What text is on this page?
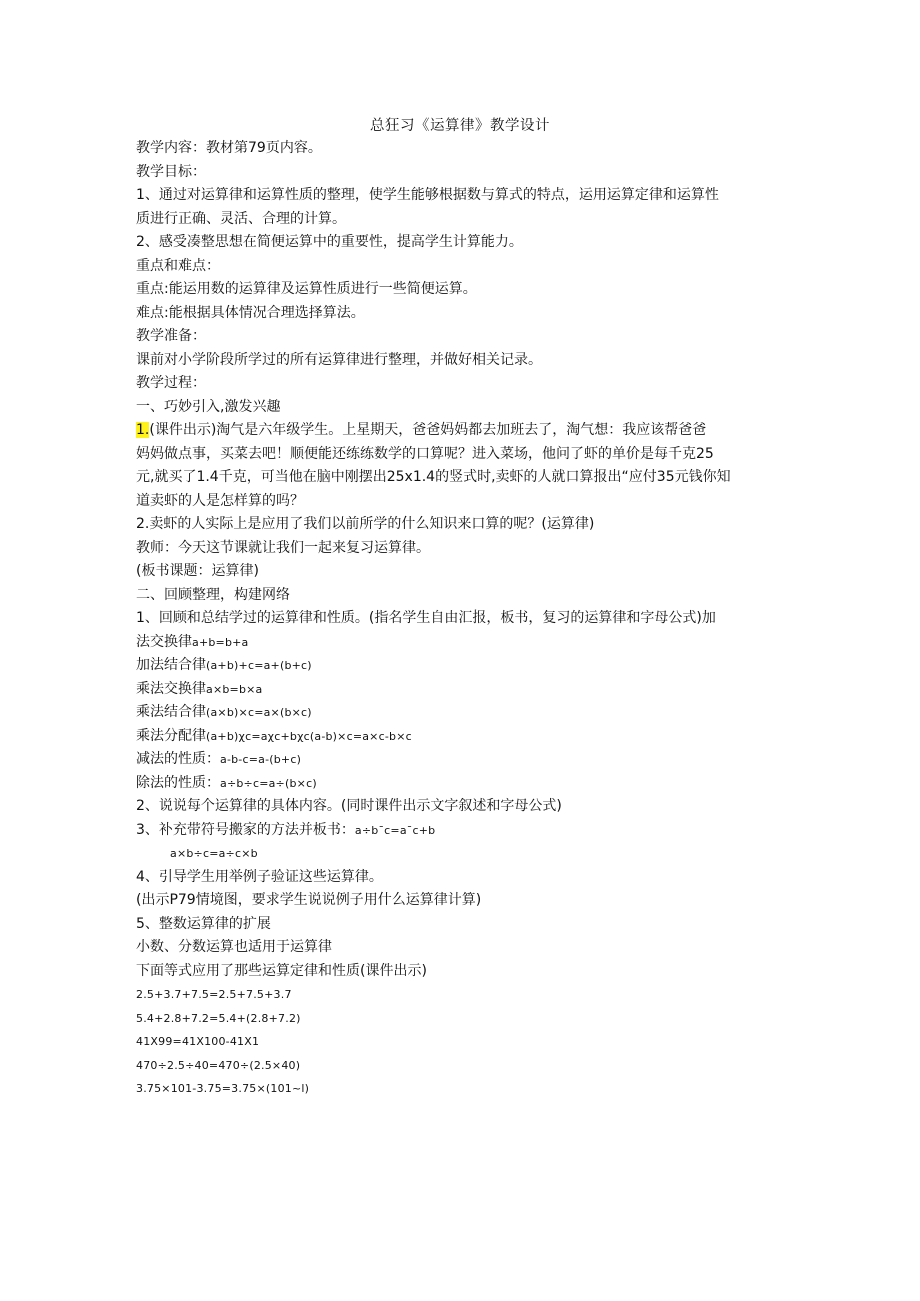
总狂习《运算律》教学设计
教学内容：教材第79页内容。
教学目标：
1、通过对运算律和运算性质的整理，使学生能够根据数与算式的特点，运用运算定律和运算性
质进行正确、灵活、合理的计算。
2、感受凑整思想在简便运算中的重要性，提高学生计算能力。
重点和难点：
重点:能运用数的运算律及运算性质进行一些简便运算。
难点:能根据具体情况合理选择算法。
教学准备：
课前对小学阶段所学过的所有运算律进行整理，并做好相关记录。
教学过程：
一、巧妙引入,激发兴趣
1.(课件出示)淘气是六年级学生。上星期天，爸爸妈妈都去加班去了，淘气想：我应该帮爸爸
妈妈做点事，买菜去吧！顺便能还练练数学的口算呢？进入菜场，他问了虾的单价是每千克25
元,就买了1.4千克，可当他在脑中刚摆出25x1.4的竖式时,卖虾的人就口算报出“应付35元钱你知
道卖虾的人是怎样算的吗？
2.卖虾的人实际上是应用了我们以前所学的什么知识来口算的呢？(运算律)
教师：今天这节课就让我们一起来复习运算律。
(板书课题：运算律)
二、回顾整理，构建网络
1、回顾和总结学过的运算律和性质。(指名学生自由汇报，板书，复习的运算律和字母公式)加
法交换律a+b=b+a
加法结合律(a+b)+c=a+(b+c)
乘法交换律a×b=b×a
乘法结合律(a×b)×c=a×(b×c)
乘法分配律(a+b)χc=aχc+bχc(a-b)×c=a×c-b×c
减法的性质：a-b-c=a-(b+c)
除法的性质：a÷b÷c=a÷(b×c)
2、说说每个运算律的具体内容。(同时课件出示文字叙述和字母公式)
3、补充带符号搬家的方法并板书：a÷b¯c=a¯c+b
a×b÷c=a÷c×b
4、引导学生用举例子验证这些运算律。
(出示P79情境图，要求学生说说例子用什么运算律计算)
5、整数运算律的扩展
小数、分数运算也适用于运算律
下面等式应用了那些运算定律和性质(课件出示)
2.5+3.7+7.5=2.5+7.5+3.7
5.4+2.8+7.2=5.4+(2.8+7.2)
41X99=41X100-41X1
470÷2.5÷40=470÷(2.5×40)
3.75×101-3.75=3.75×(101~l)
